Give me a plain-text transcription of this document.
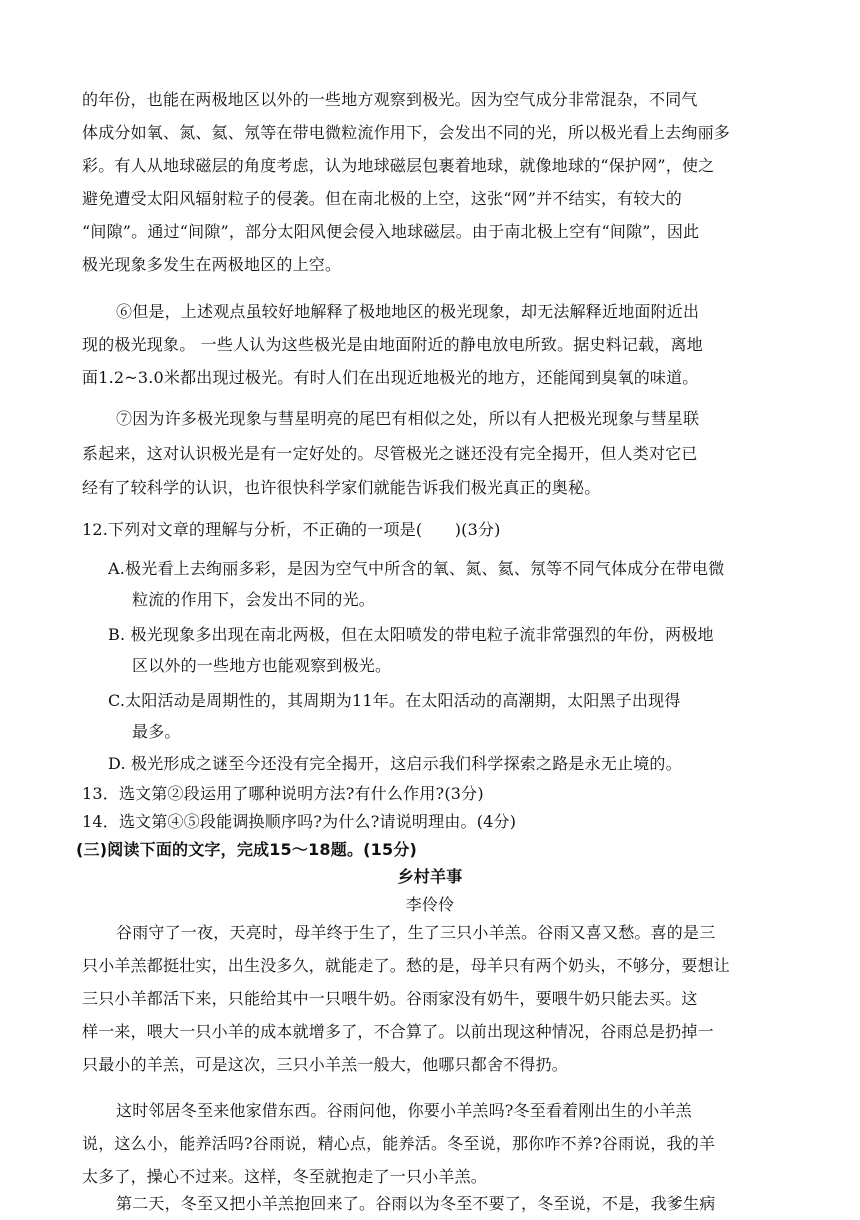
的年份，也能在两极地区以外的一些地方观察到极光。因为空气成分非常混杂，不同气
体成分如氧、氮、氦、氖等在带电微粒流作用下，会发出不同的光，所以极光看上去绚丽多
彩。有人从地球磁层的角度考虑，认为地球磁层包裹着地球，就像地球的“保护网”，使之
避免遭受太阳风辐射粒子的侵袭。但在南北极的上空，这张“网”并不结实，有较大的
“间隙”。通过“间隙”，部分太阳风便会侵入地球磁层。由于南北极上空有“间隙”，因此
极光现象多发生在两极地区的上空。
⑥但是，上述观点虽较好地解释了极地地区的极光现象，却无法解释近地面附近出
现的极光现象。 一些人认为这些极光是由地面附近的静电放电所致。据史料记载，离地
面1.2~3.0米都出现过极光。有时人们在出现近地极光的地方，还能闻到臭氧的味道。
⑦因为许多极光现象与彗星明亮的尾巴有相似之处，所以有人把极光现象与彗星联
系起来，这对认识极光是有一定好处的。尽管极光之谜还没有完全揭开，但人类对它已
经有了较科学的认识，也许很快科学家们就能告诉我们极光真正的奥秘。
12.下列对文章的理解与分析，不正确的一项是(　　)(3分)
A.极光看上去绚丽多彩，是因为空气中所含的氧、氮、氦、氖等不同气体成分在带电微
粒流的作用下，会发出不同的光。
B. 极光现象多出现在南北两极，但在太阳喷发的带电粒子流非常强烈的年份，两极地
区以外的一些地方也能观察到极光。
C.太阳活动是周期性的，其周期为11年。在太阳活动的高潮期，太阳黑子出现得
最多。
D. 极光形成之谜至今还没有完全揭开，这启示我们科学探索之路是永无止境的。
13．选文第②段运用了哪种说明方法?有什么作用?(3分)
14．选文第④⑤段能调换顺序吗?为什么?请说明理由。(4分)
(三)阅读下面的文字，完成15～18题。(15分)
乡村羊事
李伶伶
谷雨守了一夜，天亮时，母羊终于生了，生了三只小羊羔。谷雨又喜又愁。喜的是三
只小羊羔都挺壮实，出生没多久，就能走了。愁的是，母羊只有两个奶头，不够分，要想让
三只小羊都活下来，只能给其中一只喂牛奶。谷雨家没有奶牛，要喂牛奶只能去买。这
样一来，喂大一只小羊的成本就增多了，不合算了。以前出现这种情况，谷雨总是扔掉一
只最小的羊羔，可是这次，三只小羊羔一般大，他哪只都舍不得扔。
这时邻居冬至来他家借东西。谷雨问他，你要小羊羔吗?冬至看着刚出生的小羊羔
说，这么小，能养活吗?谷雨说，精心点，能养活。冬至说，那你咋不养?谷雨说，我的羊
太多了，操心不过来。这样，冬至就抱走了一只小羊羔。
第二天，冬至又把小羊羔抱回来了。谷雨以为冬至不要了，冬至说，不是，我爹生病
